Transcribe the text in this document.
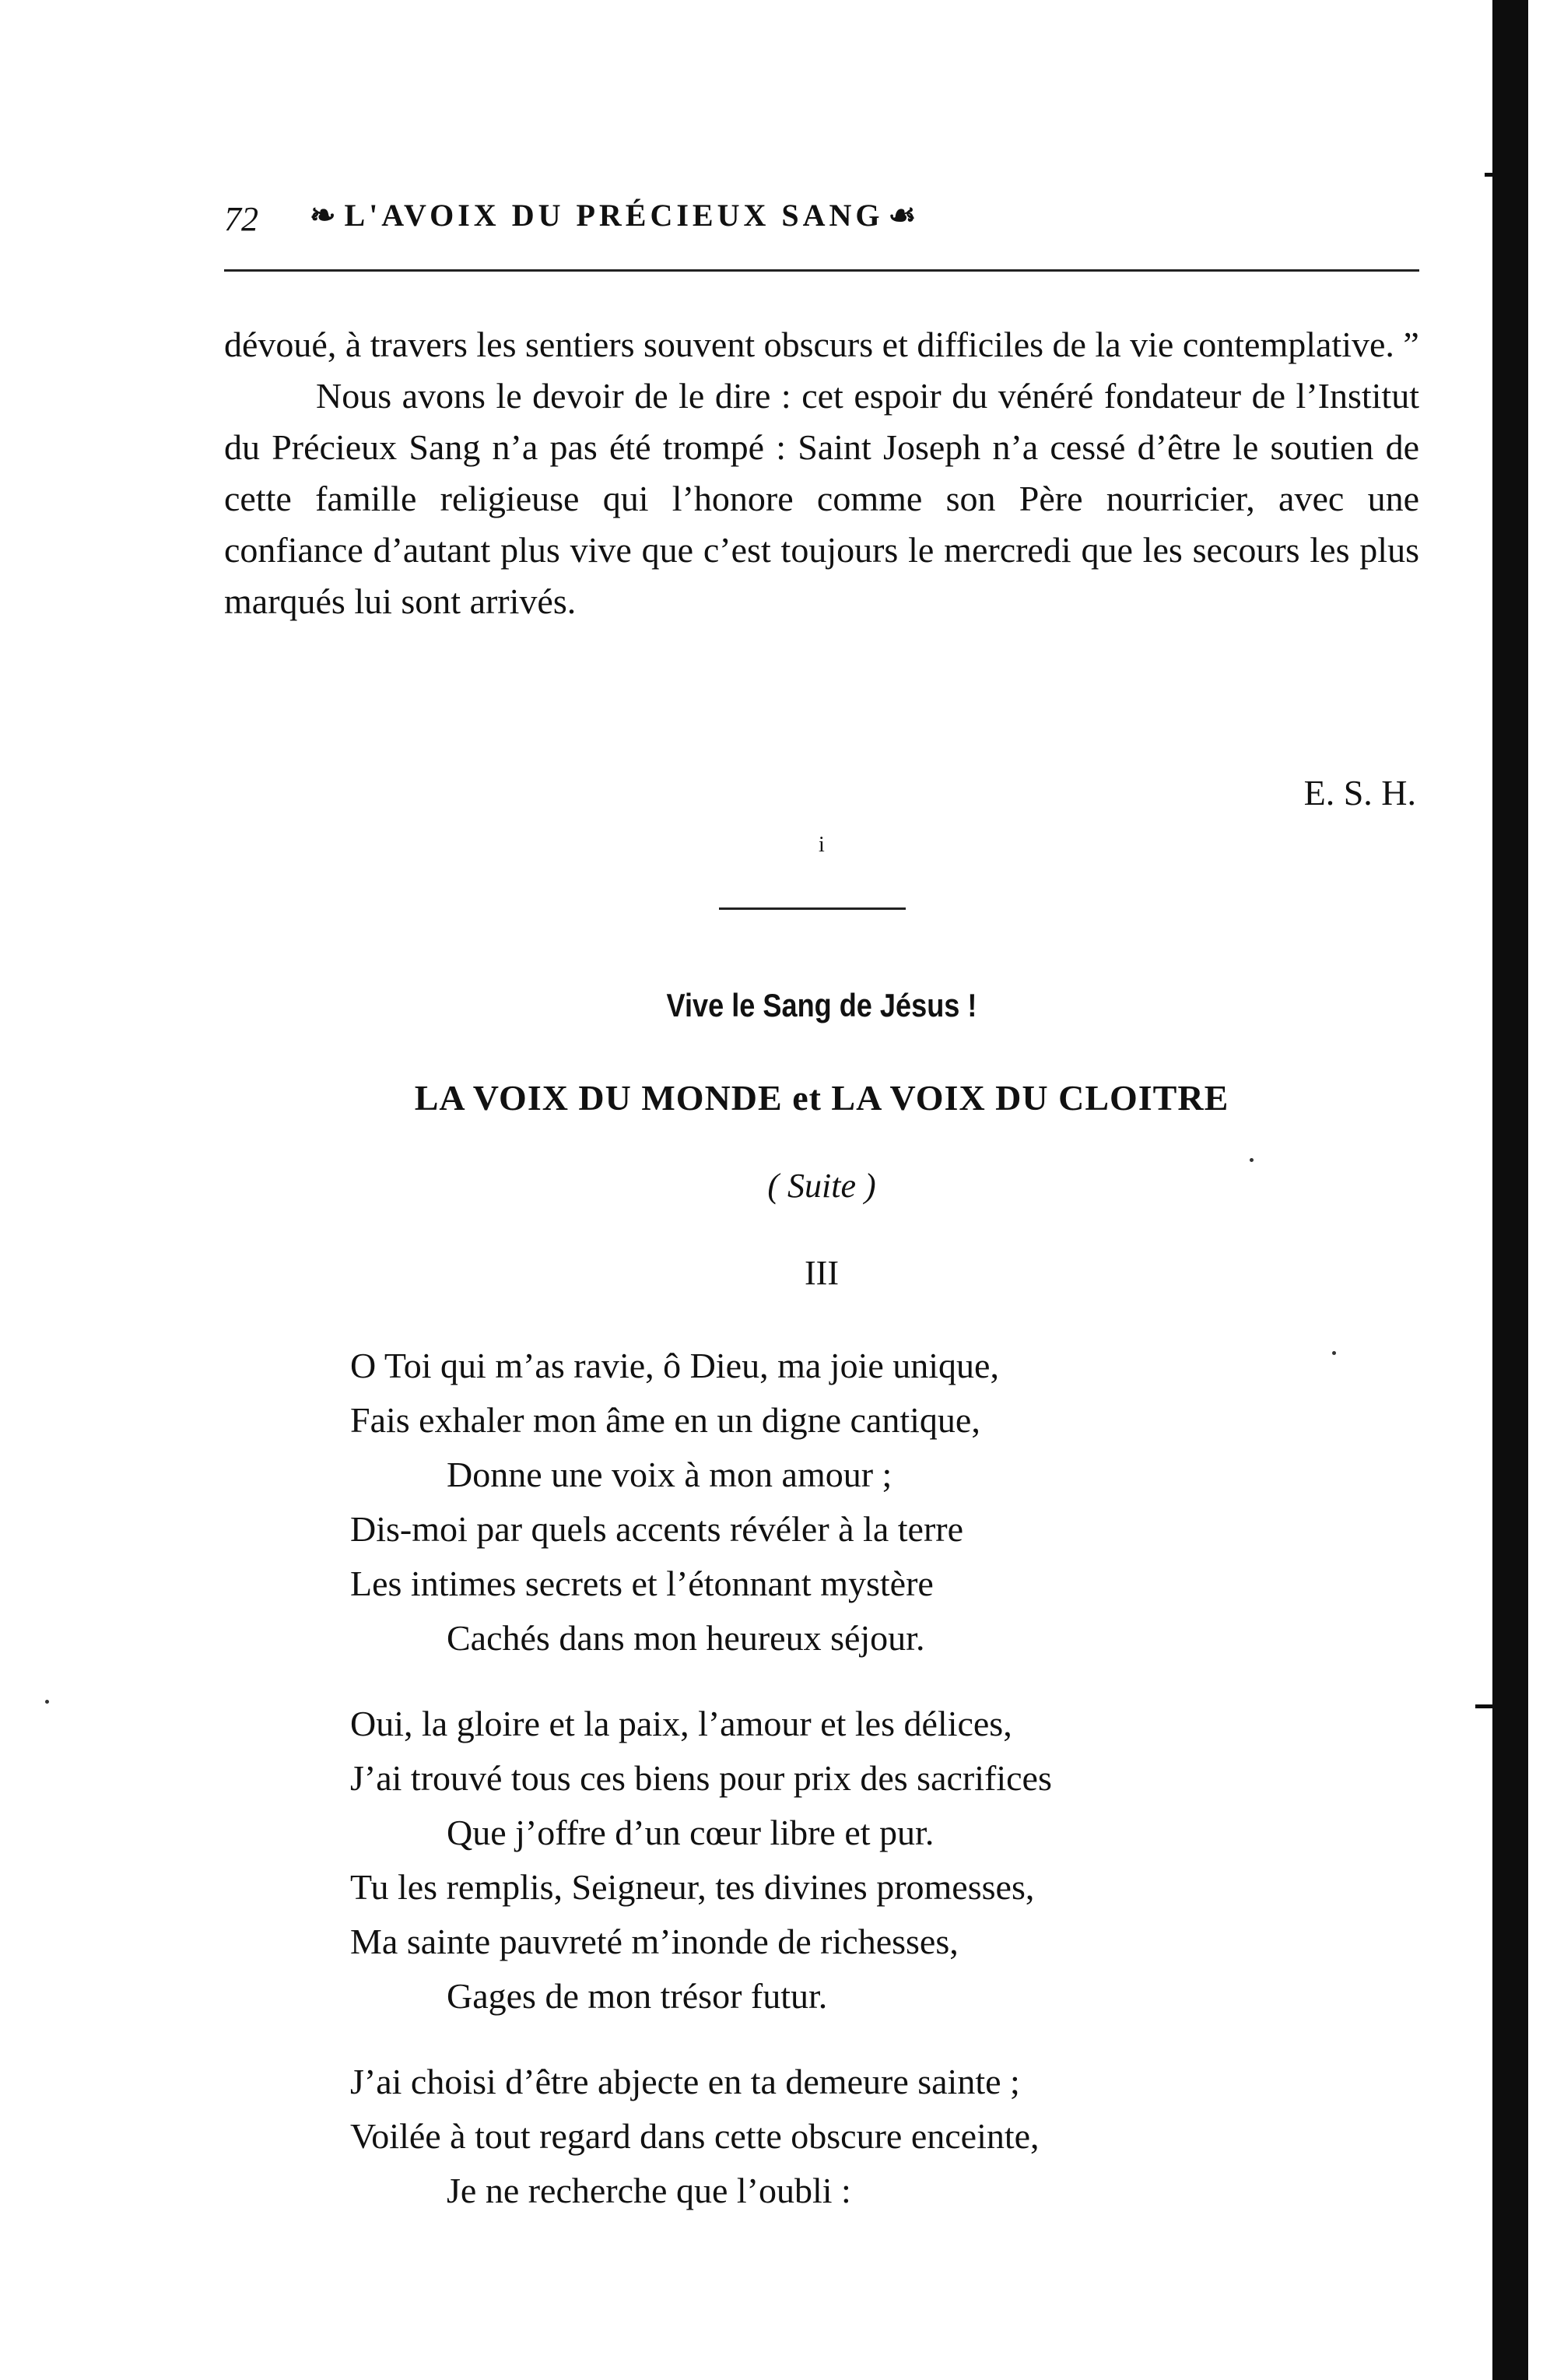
72 ❧ L'AVOIX DU PRÉCIEUX SANG ☙

dévoué, à travers les sentiers souvent obscurs et difficiles de la vie contemplative. ”

Nous avons le devoir de le dire : cet espoir du vénéré fondateur de l’Institut du Précieux Sang n’a pas été trompé : Saint Joseph n’a cessé d’être le soutien de cette famille religieuse qui l’honore comme son Père nourricier, avec une confiance d’autant plus vive que c’est toujours le mercredi que les secours les plus marqués lui sont arrivés.

E. S. H.
i
Vive le Sang de Jésus !
LA VOIX DU MONDE et LA VOIX DU CLOITRE
( Suite )
III
O Toi qui m’as ravie, ô Dieu, ma joie unique,
Fais exhaler mon âme en un digne cantique,
Donne une voix à mon amour ;
Dis-moi par quels accents révéler à la terre
Les intimes secrets et l’étonnant mystère
Cachés dans mon heureux séjour.
Oui, la gloire et la paix, l’amour et les délices,
J’ai trouvé tous ces biens pour prix des sacrifices
Que j’offre d’un cœur libre et pur.
Tu les remplis, Seigneur, tes divines promesses,
Ma sainte pauvreté m’inonde de richesses,
Gages de mon trésor futur.
J’ai choisi d’être abjecte en ta demeure sainte ;
Voilée à tout regard dans cette obscure enceinte,
Je ne recherche que l’oubli :
